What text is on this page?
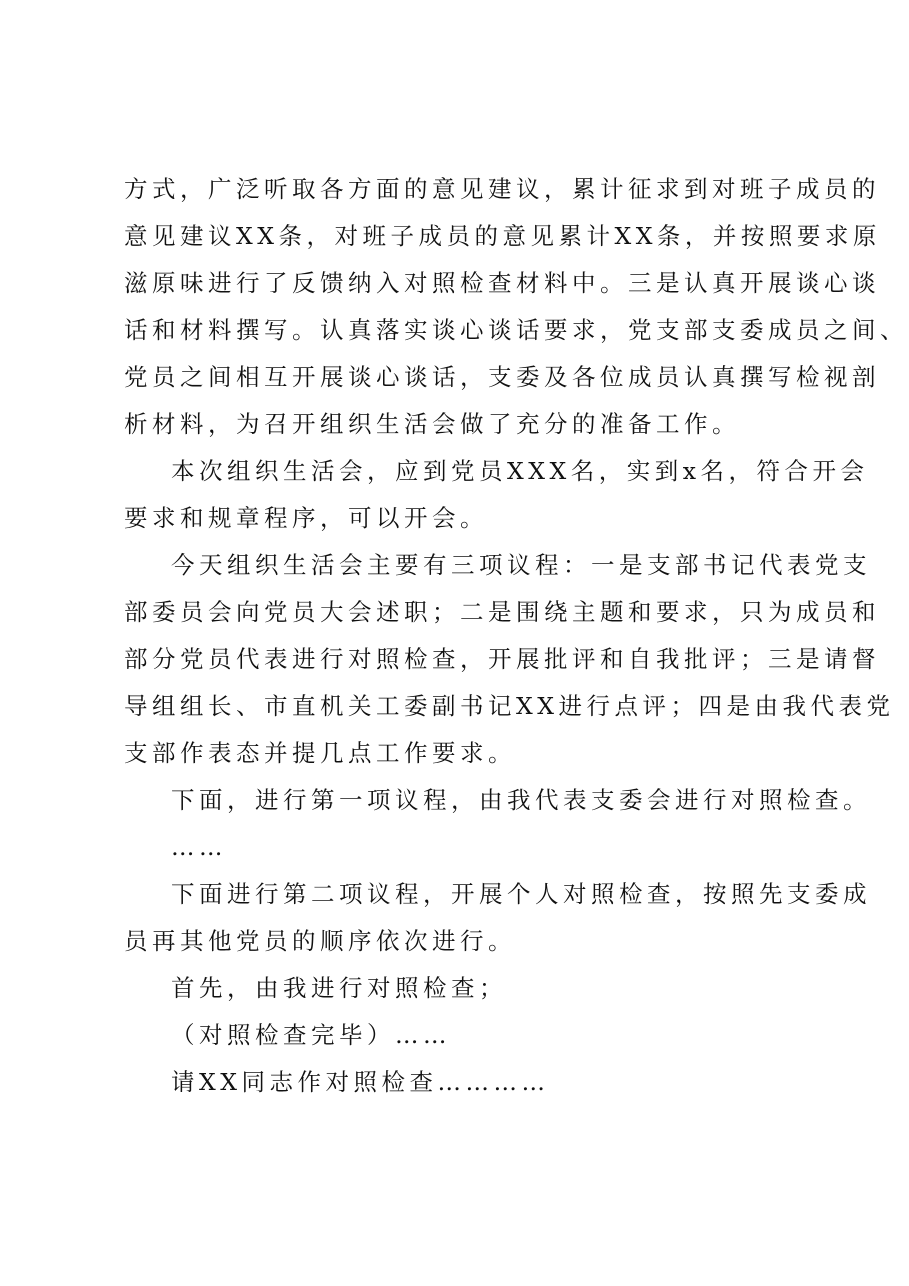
方式，广泛听取各方面的意见建议，累计征求到对班子成员的
意见建议XX条，对班子成员的意见累计XX条，并按照要求原
滋原味进行了反馈纳入对照检查材料中。三是认真开展谈心谈
话和材料撰写。认真落实谈心谈话要求，党支部支委成员之间、
党员之间相互开展谈心谈话，支委及各位成员认真撰写检视剖
析材料，为召开组织生活会做了充分的准备工作。
本次组织生活会，应到党员XXX名，实到x名，符合开会
要求和规章程序，可以开会。
今天组织生活会主要有三项议程：一是支部书记代表党支
部委员会向党员大会述职；二是围绕主题和要求，只为成员和
部分党员代表进行对照检查，开展批评和自我批评；三是请督
导组组长、市直机关工委副书记XX进行点评；四是由我代表党
支部作表态并提几点工作要求。
下面，进行第一项议程，由我代表支委会进行对照检查。
……
下面进行第二项议程，开展个人对照检查，按照先支委成
员再其他党员的顺序依次进行。
首先，由我进行对照检查；
（对照检查完毕）……
请XX同志作对照检查…………
